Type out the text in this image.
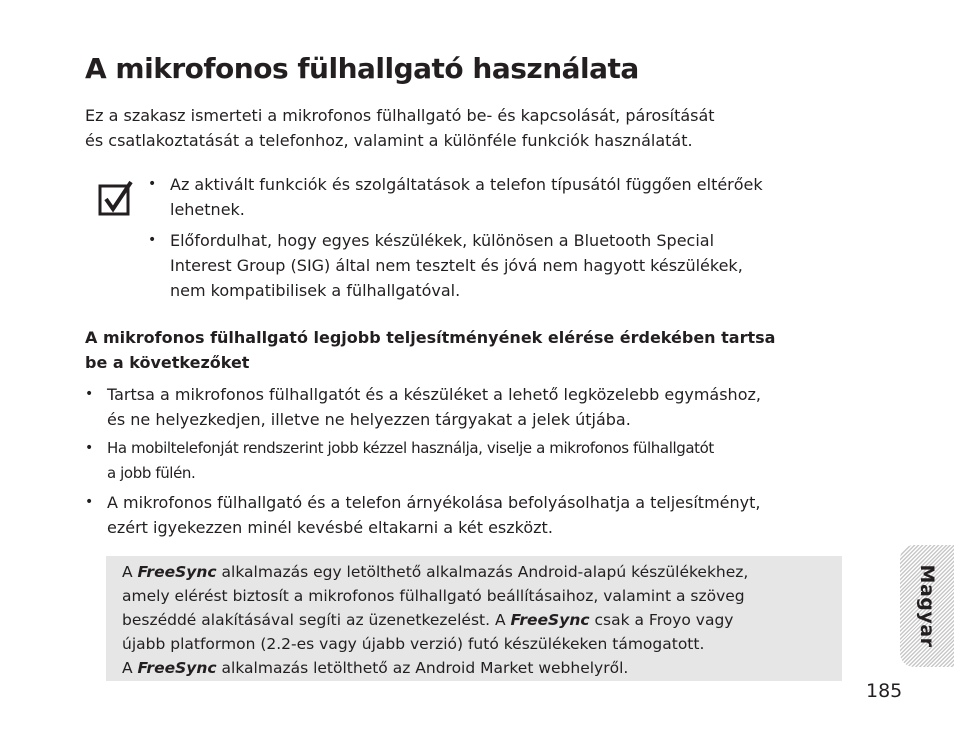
A mikrofonos fülhallgató használata

Ez a szakasz ismerteti a mikrofonos fülhallgató be- és kapcsolását, párosítását
és csatlakoztatását a telefonhoz, valamint a különféle funkciók használatát.

• Az aktivált funkciók és szolgáltatások a telefon típusától függően eltérőek
lehetnek.
• Előfordulhat, hogy egyes készülékek, különösen a Bluetooth Special
Interest Group (SIG) által nem tesztelt és jóvá nem hagyott készülékek,
nem kompatibilisek a fülhallgatóval.
A mikrofonos fülhallgató legjobb teljesítményének elérése érdekében tartsa
be a következőket
• Tartsa a mikrofonos fülhallgatót és a készüléket a lehető legközelebb egymáshoz,
és ne helyezkedjen, illetve ne helyezzen tárgyakat a jelek útjába.
• Ha mobiltelefonját rendszerint jobb kézzel használja, viselje a mikrofonos fülhallgatót
a jobb fülén.
• A mikrofonos fülhallgató és a telefon árnyékolása befolyásolhatja a teljesítményt,
ezért igyekezzen minél kevésbé eltakarni a két eszközt.

A FreeSync alkalmazás egy letölthető alkalmazás Android-alapú készülékekhez,

amely elérést biztosít a mikrofonos fülhallgató beállításaihoz, valamint a szöveg

beszéddé alakításával segíti az üzenetkezelést. A FreeSync csak a Froyo vagy

újabb platformon (2.2-es vagy újabb verzió) futó készülékeken támogatott.

A FreeSync alkalmazás letölthető az Android Market webhelyről.

Magyar
185
